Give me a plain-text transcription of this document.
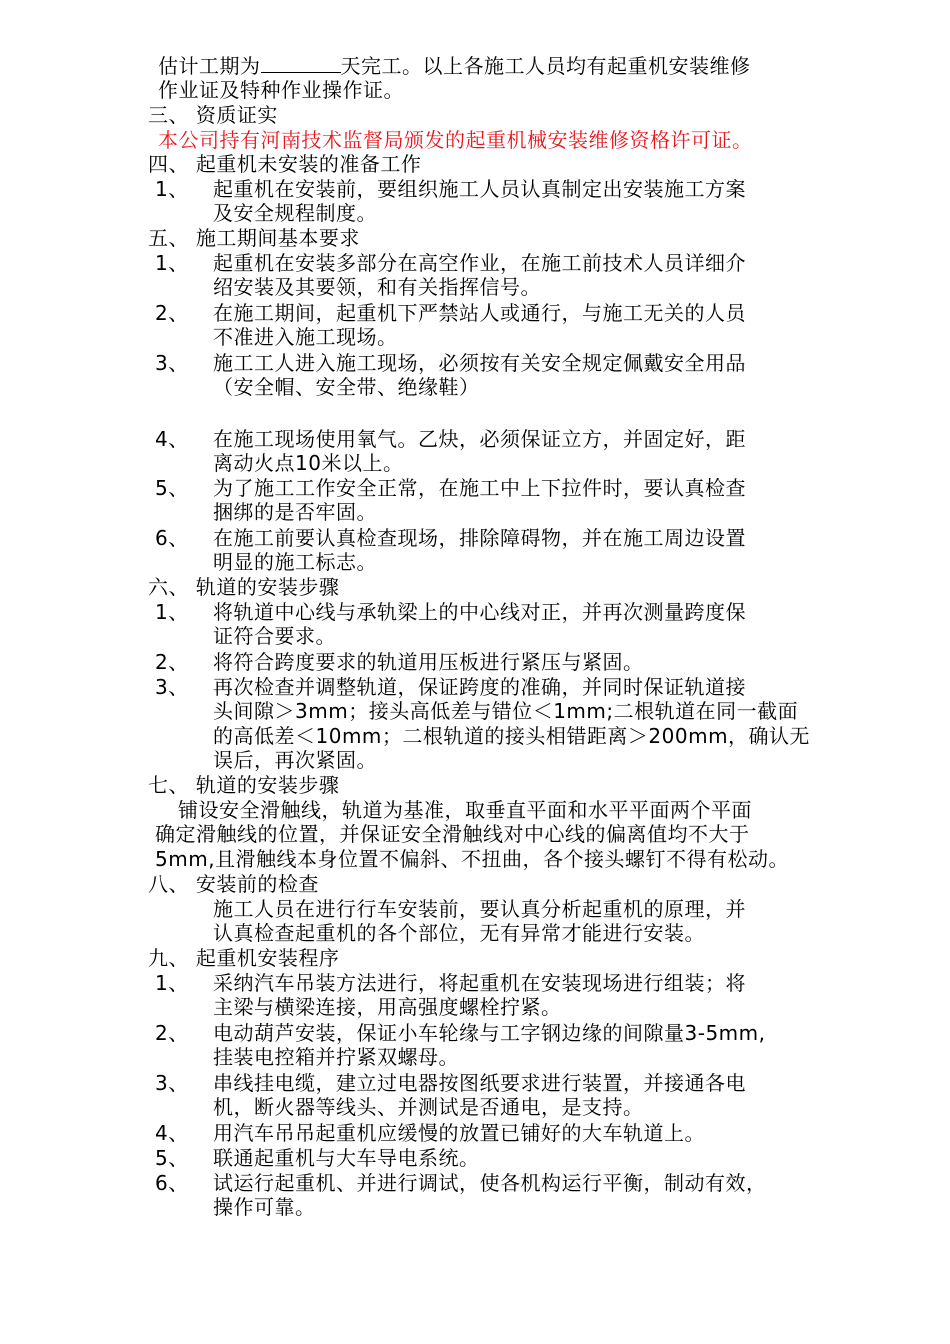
估计工期为	天完工。以上各施工人员均有起重机安装维修
作业证及特种作业操作证。
三、 资质证实
本公司持有河南技术监督局颁发的起重机械安装维修资格许可证。
四、 起重机未安装的准备工作
1、 起重机在安装前，要组织施工人员认真制定出安装施工方案
及安全规程制度。
五、 施工期间基本要求
1、 起重机在安装多部分在高空作业，在施工前技术人员详细介
绍安装及其要领，和有关指挥信号。
2、 在施工期间，起重机下严禁站人或通行，与施工无关的人员
不准进入施工现场。
3、 施工工人进入施工现场，必须按有关安全规定佩戴安全用品
（安全帽、安全带、绝缘鞋）
4、 在施工现场使用氧气。乙炔，必须保证立方，并固定好，距
离动火点10米以上。
5、 为了施工工作安全正常，在施工中上下拉件时，要认真检查
捆绑的是否牢固。
6、 在施工前要认真检查现场，排除障碍物，并在施工周边设置
明显的施工标志。
六、 轨道的安装步骤
1、 将轨道中心线与承轨梁上的中心线对正，并再次测量跨度保
证符合要求。
2、 将符合跨度要求的轨道用压板进行紧压与紧固。
3、 再次检查并调整轨道，保证跨度的准确，并同时保证轨道接
头间隙＞3mm；接头高低差与错位＜1mm;二根轨道在同一截面
的高低差＜10mm；二根轨道的接头相错距离＞200mm，确认无
误后，再次紧固。
七、 轨道的安装步骤
铺设安全滑触线，轨道为基准，取垂直平面和水平平面两个平面
确定滑触线的位置，并保证安全滑触线对中心线的偏离值均不大于
5mm,且滑触线本身位置不偏斜、不扭曲，各个接头螺钉不得有松动。
八、 安装前的检查
施工人员在进行行车安装前，要认真分析起重机的原理，并
认真检查起重机的各个部位，无有异常才能进行安装。
九、 起重机安装程序
1、 采纳汽车吊装方法进行，将起重机在安装现场进行组装；将
主梁与横梁连接，用高强度螺栓拧紧。
2、 电动葫芦安装，保证小车轮缘与工字钢边缘的间隙量3-5mm,
挂装电控箱并拧紧双螺母。
3、 串线挂电缆，建立过电器按图纸要求进行装置，并接通各电
机，断火器等线头、并测试是否通电，是支持。
4、 用汽车吊吊起重机应缓慢的放置已铺好的大车轨道上。
5、 联通起重机与大车导电系统。
6、 试运行起重机、并进行调试，使各机构运行平衡，制动有效，
操作可靠。
